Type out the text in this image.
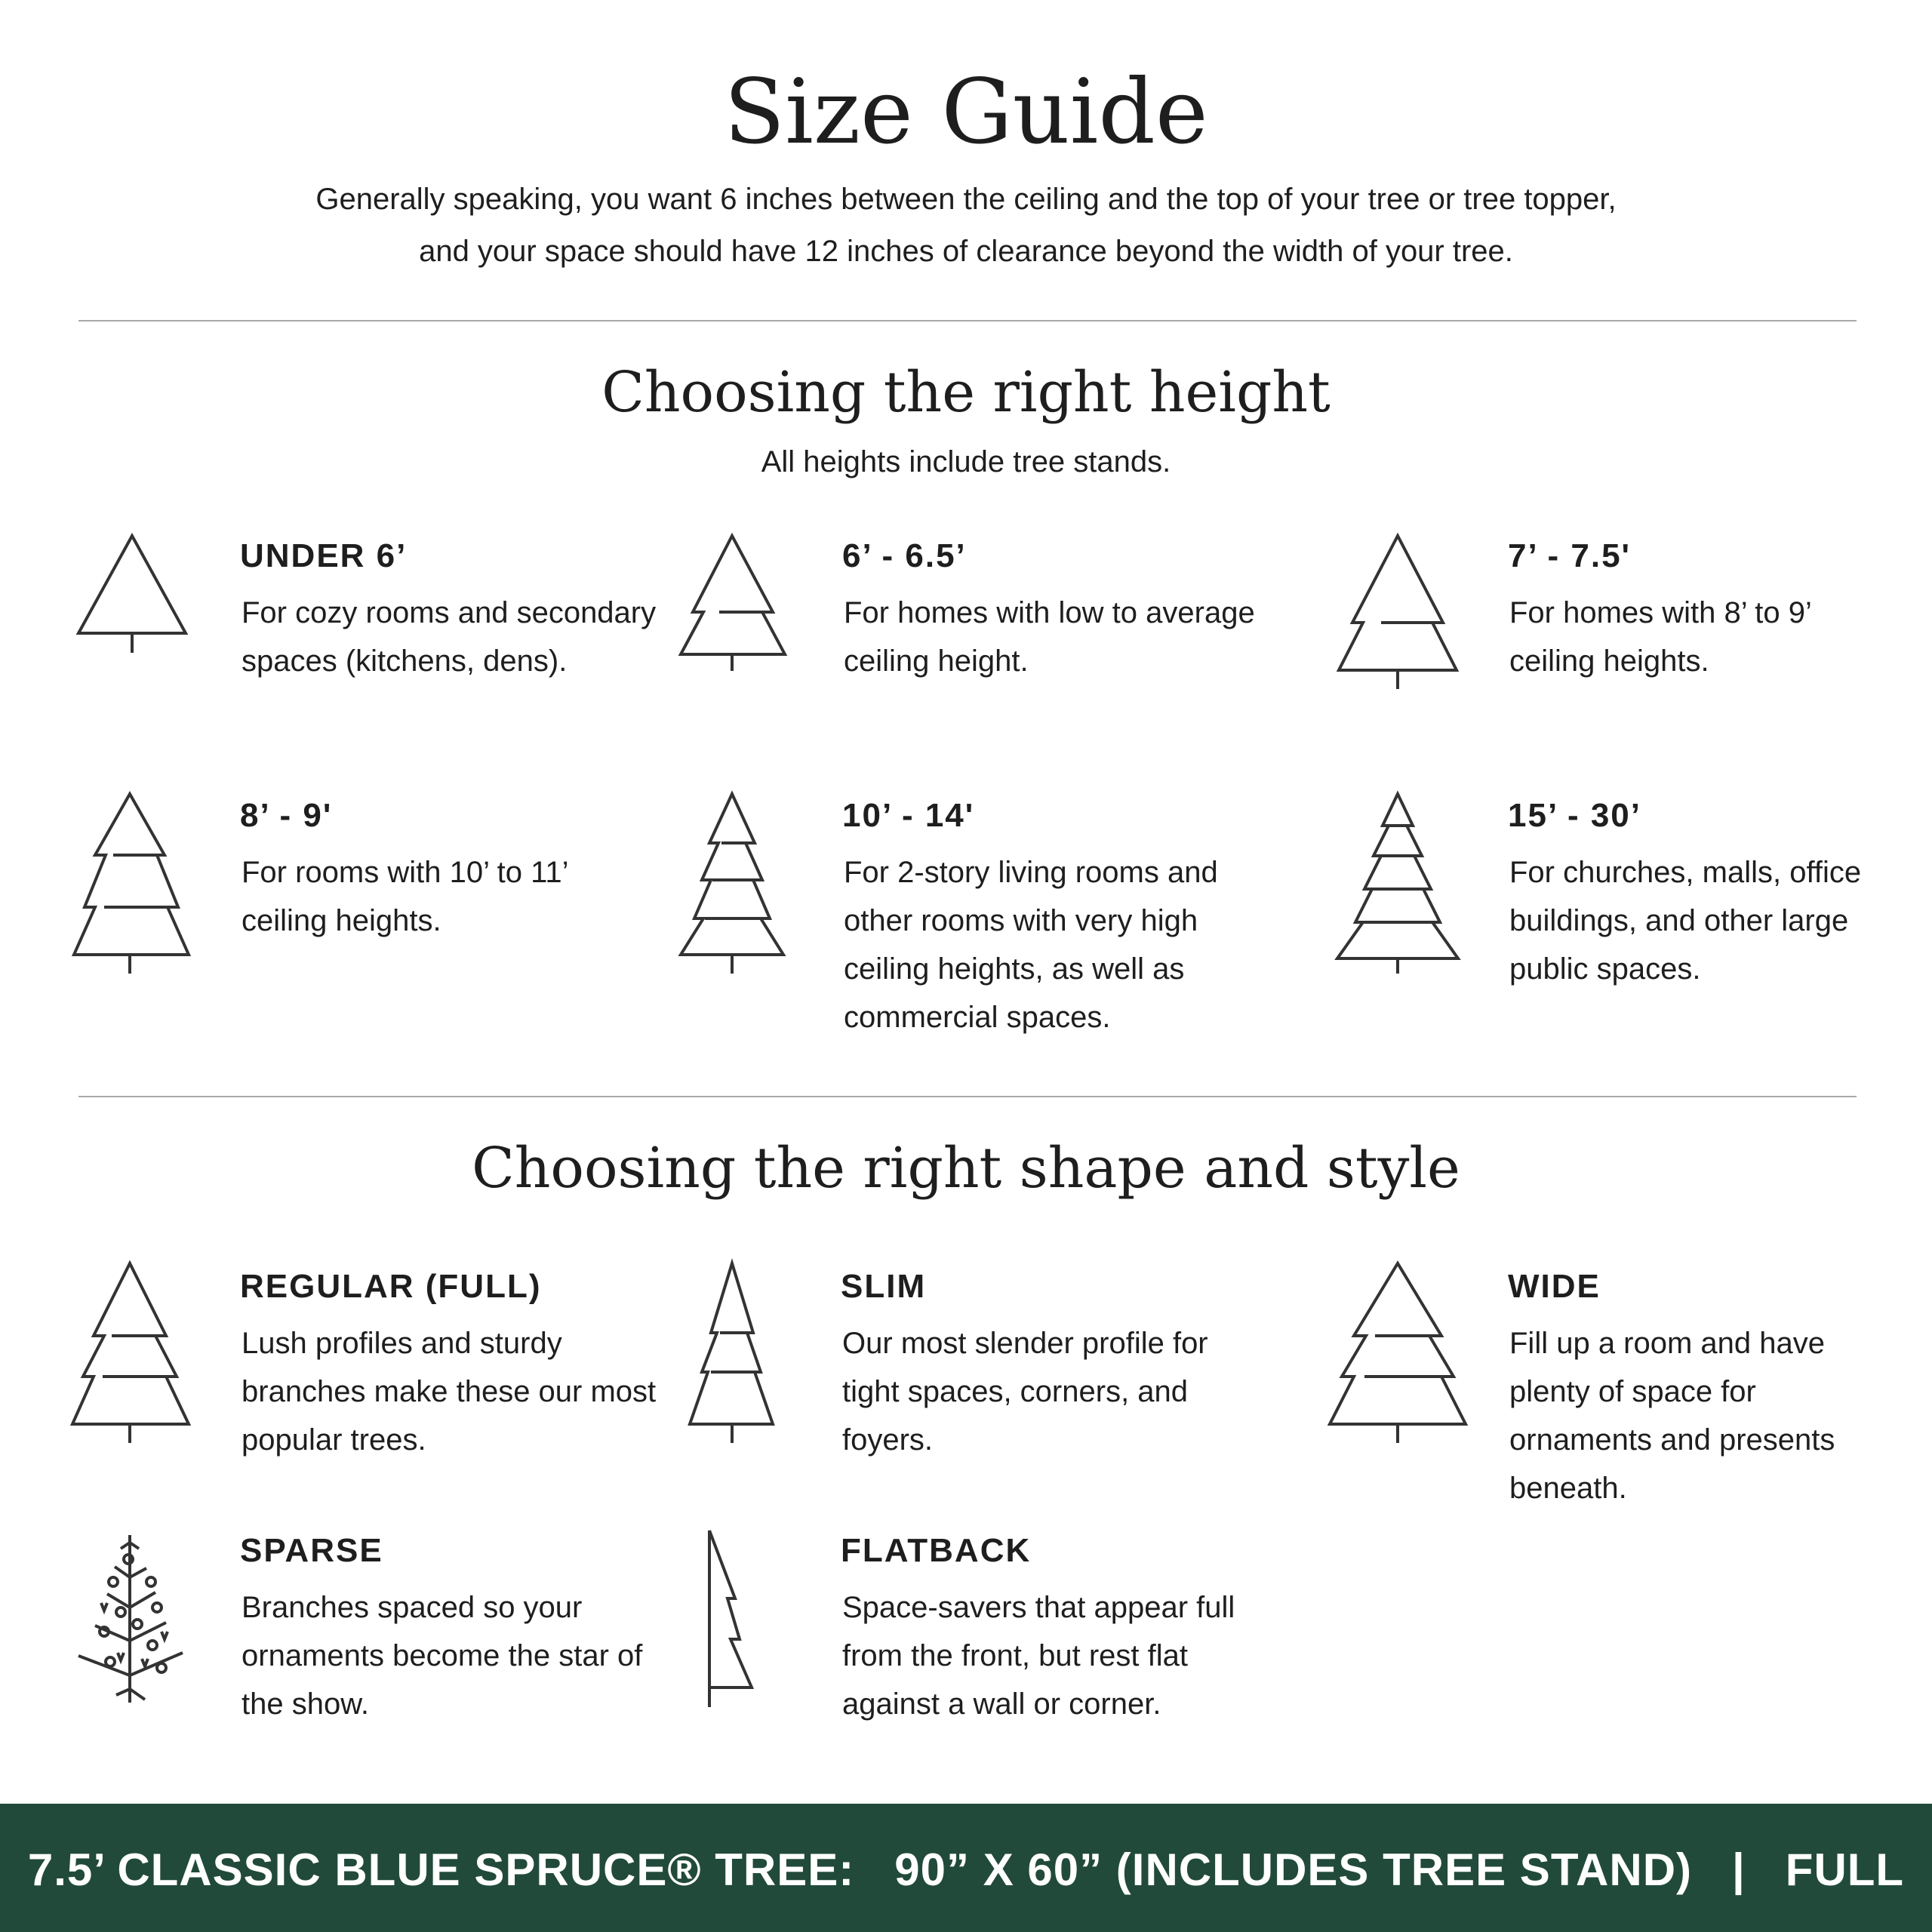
Size Guide

Generally speaking, you want 6 inches between the ceiling and the top of your tree or tree topper, and your space should have 12 inches of clearance beyond the width of your tree.

Choosing the right height

All heights include tree stands.

UNDER 6’

For cozy rooms and secondary spaces (kitchens, dens).

6’ - 6.5’

For homes with low to average ceiling height.

7’ - 7.5'

For homes with 8’ to 9’ ceiling heights.

8’ - 9'

For rooms with 10’ to 11’ ceiling heights.

10’ - 14'

For 2-story living rooms and other rooms with very high ceiling heights, as well as commercial spaces.

15’ - 30’

For churches, malls, office buildings, and other large public spaces.

Choosing the right shape and style
REGULAR (FULL)

Lush profiles and sturdy branches make these our most popular trees.

SLIM

Our most slender profile for tight spaces, corners, and foyers.

WIDE

Fill up a room and have plenty of space for ornaments and presents beneath.

SPARSE

Branches spaced so your ornaments become the star of the show.

FLATBACK

Space-savers that appear full from the front, but rest flat against a wall or corner.

7.5’ CLASSIC BLUE SPRUCE® TREE:   90” X 60” (INCLUDES TREE STAND)   |   FULL
